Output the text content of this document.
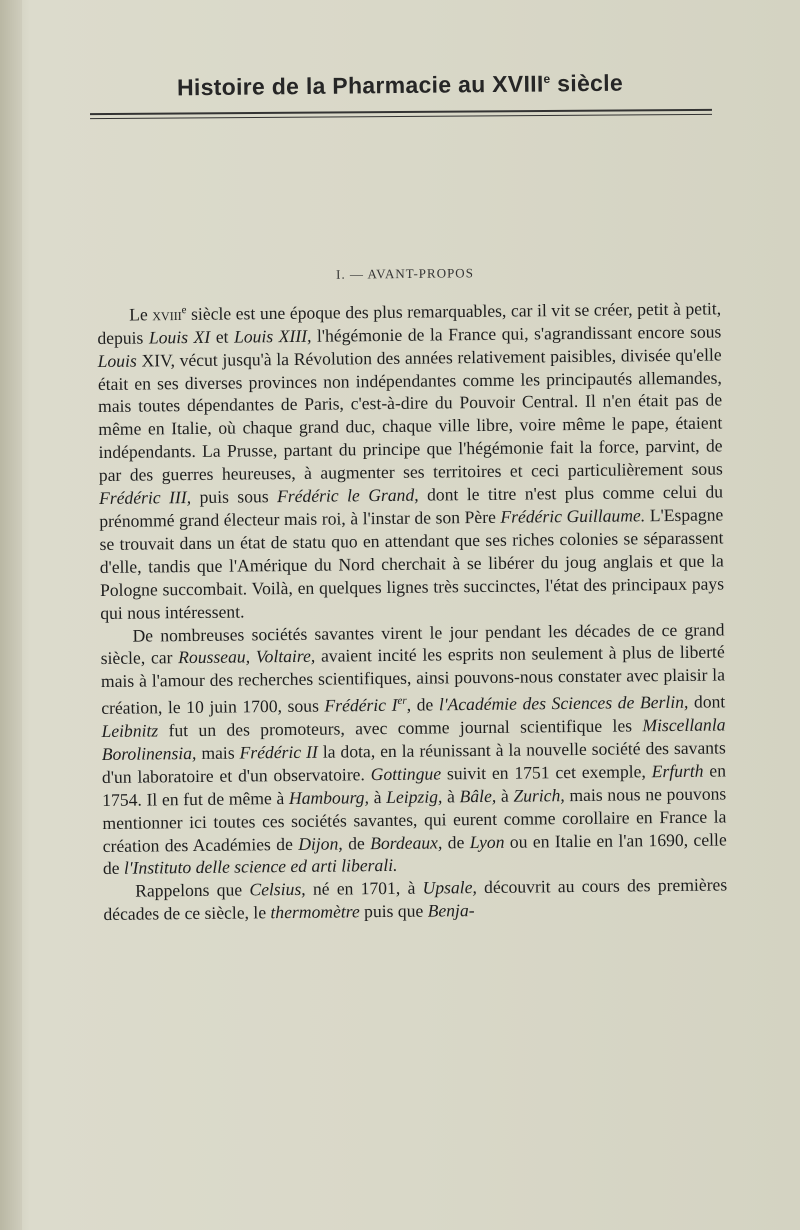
Histoire de la Pharmacie au XVIIIe siècle
I. — AVANT-PROPOS

Le xviii$^e$ siècle est une époque des plus remarquables, car il vit se créer, petit à petit, depuis Louis XI et Louis XIII, l'hégémonie de la France qui, s'agrandissant encore sous Louis XIV, vécut jusqu'à la Révolution des années relativement paisibles, divisée qu'elle était en ses diverses provinces non indépendantes comme les principautés allemandes, mais toutes dépendantes de Paris, c'est-à-dire du Pouvoir Central. Il n'en était pas de même en Italie, où chaque grand duc, chaque ville libre, voire même le pape, étaient indépendants. La Prusse, partant du principe que l'hégémonie fait la force, parvint, de par des guerres heureuses, à augmenter ses territoires et ceci particulièrement sous Frédéric III, puis sous Frédéric le Grand, dont le titre n'est plus comme celui du prénommé grand électeur mais roi, à l'instar de son Père Frédéric Guillaume. L'Espagne se trouvait dans un état de statu quo en attendant que ses riches colonies se séparassent d'elle, tandis que l'Amérique du Nord cherchait à se libérer du joug anglais et que la Pologne succombait. Voilà, en quelques lignes très succinctes, l'état des principaux pays qui nous intéressent.

De nombreuses sociétés savantes virent le jour pendant les décades de ce grand siècle, car Rousseau, Voltaire, avaient incité les esprits non seulement à plus de liberté mais à l'amour des recherches scientifiques, ainsi pouvons-nous constater avec plaisir la création, le 10 juin 1700, sous Frédéric Ier, de l'Académie des Sciences de Berlin, dont Leibnitz fut un des promoteurs, avec comme journal scientifique les Miscellanla Borolinensia, mais Frédéric II la dota, en la réunissant à la nouvelle société des savants d'un laboratoire et d'un observatoire. Gottingue suivit en 1751 cet exemple, Erfurth en 1754. Il en fut de même à Hambourg, à Leipzig, à Bâle, à Zurich, mais nous ne pouvons mentionner ici toutes ces sociétés savantes, qui eurent comme corollaire en France la création des Académies de Dijon, de Bordeaux, de Lyon ou en Italie en l'an 1690, celle de l'Instituto delle science ed arti liberali.

Rappelons que Celsius, né en 1701, à Upsale, découvrit au cours des premières décades de ce siècle, le thermomètre puis que Benja-
